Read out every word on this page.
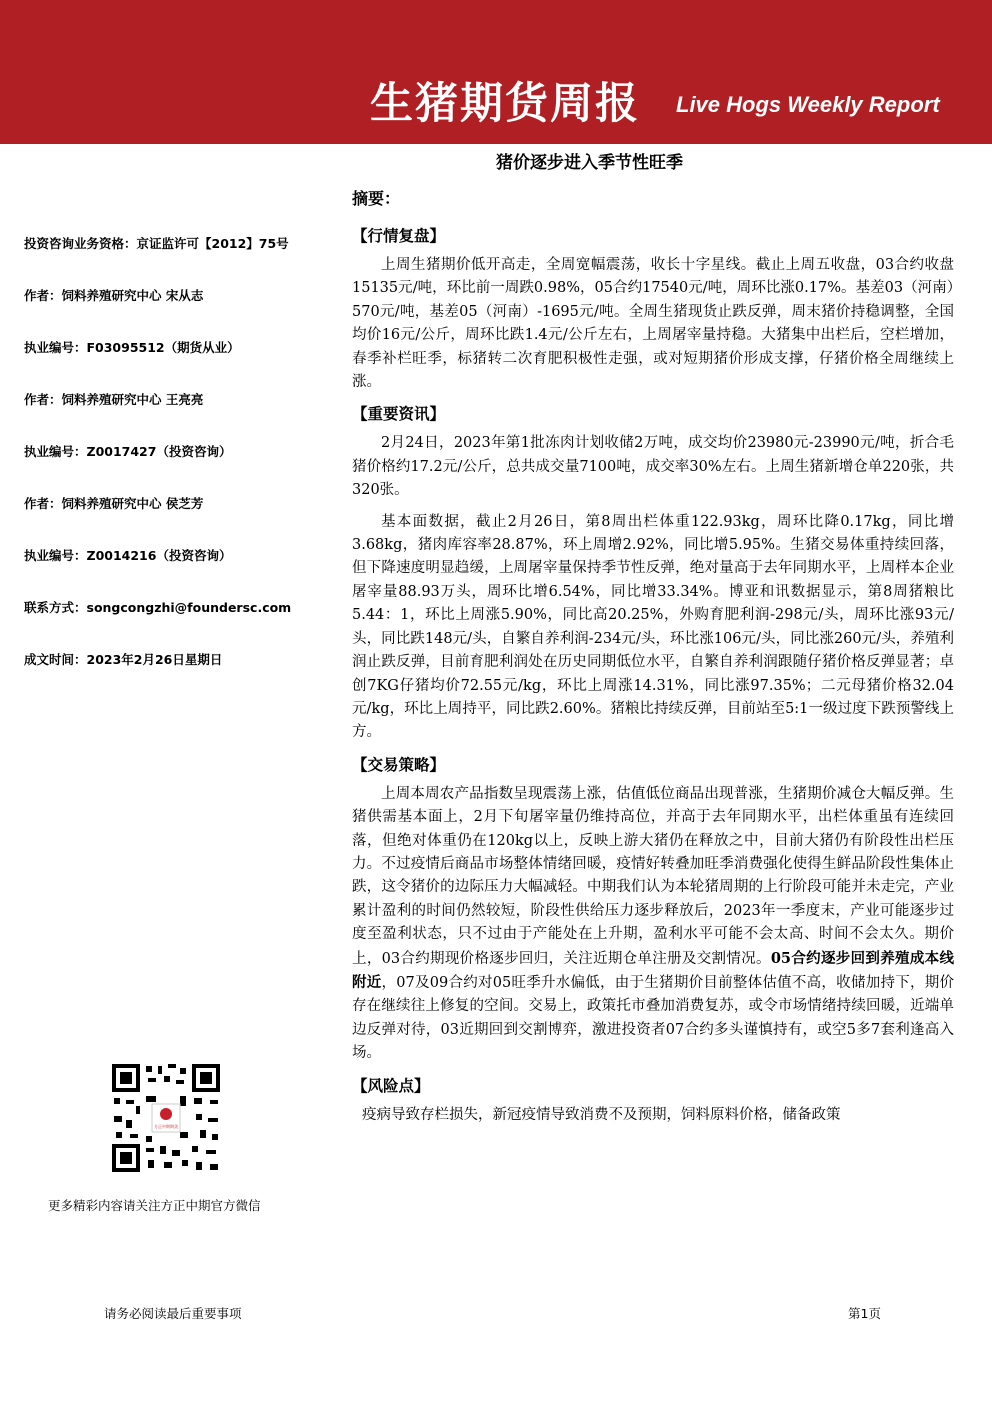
生猪期货周报 Live Hogs Weekly Report
猪价逐步进入季节性旺季
投资咨询业务资格：京证监许可【2012】75号
作者：饲料养殖研究中心 宋从志
执业编号：F03095512（期货从业）
作者：饲料养殖研究中心 王亮亮
执业编号：Z0017427（投资咨询）
作者：饲料养殖研究中心 侯芝芳
执业编号：Z0014216（投资咨询）
联系方式：songcongzhi@foundersc.com
成文时间：2023年2月26日星期日
方正中期期货
更多精彩内容请关注方正中期官方微信
摘要：
【行情复盘】

上周生猪期价低开高走，全周宽幅震荡，收长十字星线。截止上周五收盘，03合约收盘15135元/吨，环比前一周跌0.98%，05合约17540元/吨，周环比涨0.17%。基差03（河南）570元/吨，基差05（河南）-1695元/吨。全周生猪现货止跌反弹，周末猪价持稳调整，全国均价16元/公斤，周环比跌1.4元/公斤左右，上周屠宰量持稳。大猪集中出栏后，空栏增加，春季补栏旺季，标猪转二次育肥积极性走强，或对短期猪价形成支撑，仔猪价格全周继续上涨。

【重要资讯】

2月24日，2023年第1批冻肉计划收储2万吨，成交均价23980元-23990元/吨，折合毛猪价格约17.2元/公斤，总共成交量7100吨，成交率30%左右。上周生猪新增仓单220张，共320张。

基本面数据，截止2月26日，第8周出栏体重122.93kg，周环比降0.17kg，同比增3.68kg，猪肉库容率28.87%，环上周增2.92%，同比增5.95%。生猪交易体重持续回落，但下降速度明显趋缓，上周屠宰量保持季节性反弹，绝对量高于去年同期水平，上周样本企业屠宰量88.93万头，周环比增6.54%，同比增33.34%。博亚和讯数据显示，第8周猪粮比5.44：1，环比上周涨5.90%，同比高20.25%，外购育肥利润-298元/头，周环比涨93元/头，同比跌148元/头，自繁自养利润-234元/头，环比涨106元/头，同比涨260元/头，养殖利润止跌反弹，目前育肥利润处在历史同期低位水平，自繁自养利润跟随仔猪价格反弹显著；卓创7KG仔猪均价72.55元/kg，环比上周涨14.31%，同比涨97.35%；二元母猪价格32.04元/kg，环比上周持平，同比跌2.60%。猪粮比持续反弹，目前站至5:1一级过度下跌预警线上方。

【交易策略】

上周本周农产品指数呈现震荡上涨，估值低位商品出现普涨，生猪期价减仓大幅反弹。生猪供需基本面上，2月下旬屠宰量仍维持高位，并高于去年同期水平，出栏体重虽有连续回落，但绝对体重仍在120kg以上，反映上游大猪仍在释放之中，目前大猪仍有阶段性出栏压力。不过疫情后商品市场整体情绪回暖，疫情好转叠加旺季消费强化使得生鲜品阶段性集体止跌，这令猪价的边际压力大幅减轻。中期我们认为本轮猪周期的上行阶段可能并未走完，产业累计盈利的时间仍然较短，阶段性供给压力逐步释放后，2023年一季度末，产业可能逐步过度至盈利状态，只不过由于产能处在上升期，盈利水平可能不会太高、时间不会太久。期价上，03合约期现价格逐步回归，关注近期仓单注册及交割情况。05合约逐步回到养殖成本线附近，07及09合约对05旺季升水偏低，由于生猪期价目前整体估值不高，收储加持下，期价存在继续往上修复的空间。交易上，政策托市叠加消费复苏，或令市场情绪持续回暖，近端单边反弹对待，03近期回到交割博弈，激进投资者07合约多头谨慎持有，或空5多7套利逢高入场。

【风险点】

疫病导致存栏损失，新冠疫情导致消费不及预期，饲料原料价格，储备政策

请务必阅读最后重要事项	第1页
